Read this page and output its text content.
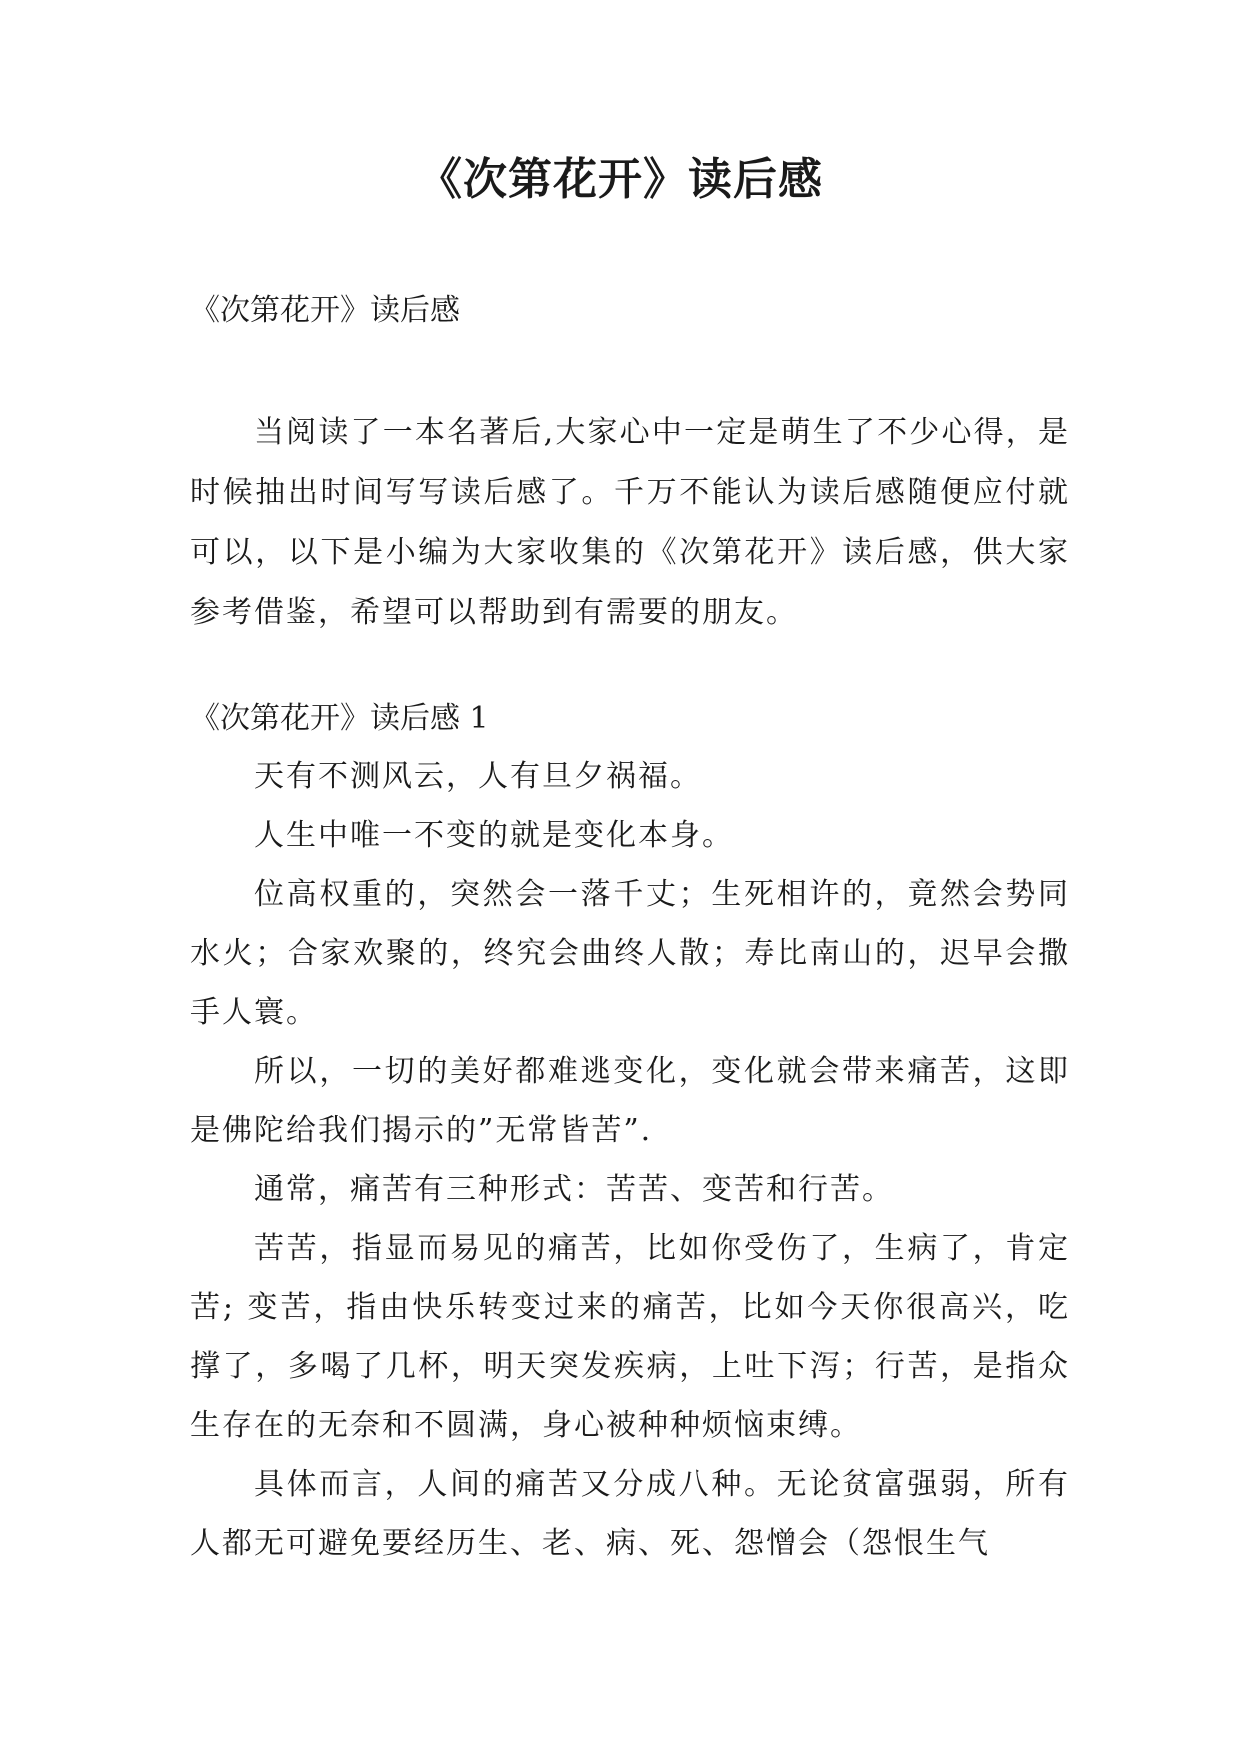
《次第花开》读后感

《次第花开》读后感

当阅读了一本名著后,大家心中一定是萌生了不少心得，是时候抽出时间写写读后感了。千万不能认为读后感随便应付就可以，以下是小编为大家收集的《次第花开》读后感，供大家参考借鉴，希望可以帮助到有需要的朋友。

《次第花开》读后感 1

天有不测风云，人有旦夕祸福。

人生中唯一不变的就是变化本身。

位高权重的，突然会一落千丈；生死相许的，竟然会势同水火；合家欢聚的，终究会曲终人散；寿比南山的，迟早会撒手人寰。

所以，一切的美好都难逃变化，变化就会带来痛苦，这即是佛陀给我们揭示的”无常皆苦”.

通常，痛苦有三种形式：苦苦、变苦和行苦。

苦苦，指显而易见的痛苦，比如你受伤了，生病了，肯定苦; 变苦，指由快乐转变过来的痛苦，比如今天你很高兴，吃撑了，多喝了几杯，明天突发疾病，上吐下泻；行苦，是指众生存在的无奈和不圆满，身心被种种烦恼束缚。

具体而言，人间的痛苦又分成八种。无论贫富强弱，所有人都无可避免要经历生、老、病、死、怨憎会（怨恨生气
